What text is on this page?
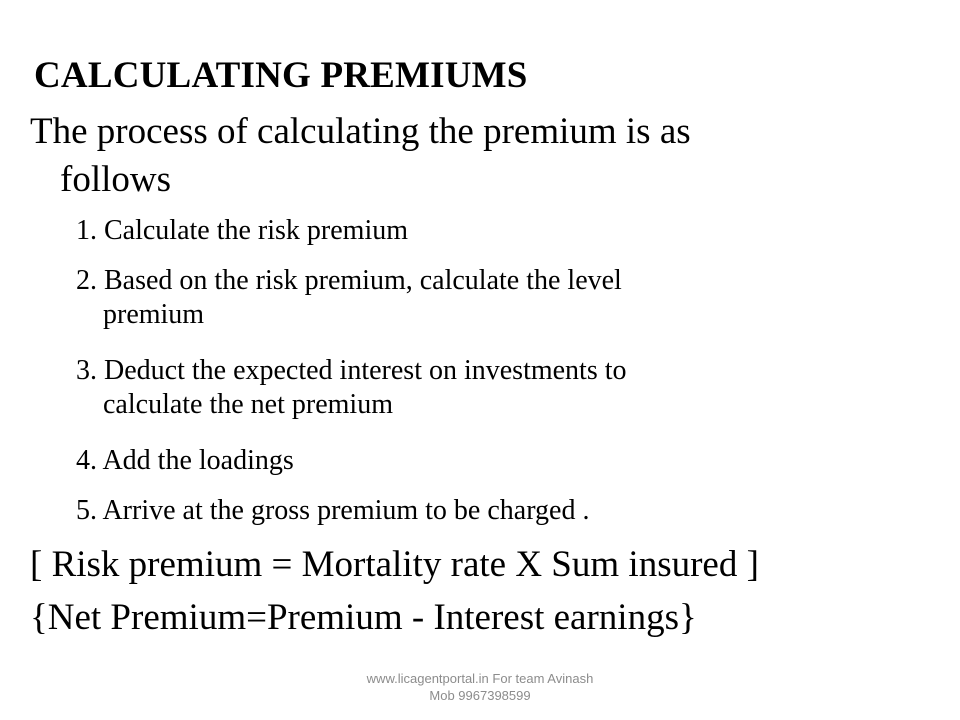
CALCULATING PREMIUMS
The process of calculating the premium is as
follows
1. Calculate the risk premium
2. Based on the risk premium, calculate the level
premium
3. Deduct the expected interest on investments to
calculate the net premium
4. Add the loadings
5. Arrive at the gross premium to be charged .
[ Risk premium = Mortality rate X Sum insured ]
{Net Premium=Premium - Interest earnings}
www.licagentportal.in For team Avinash
Mob 9967398599
